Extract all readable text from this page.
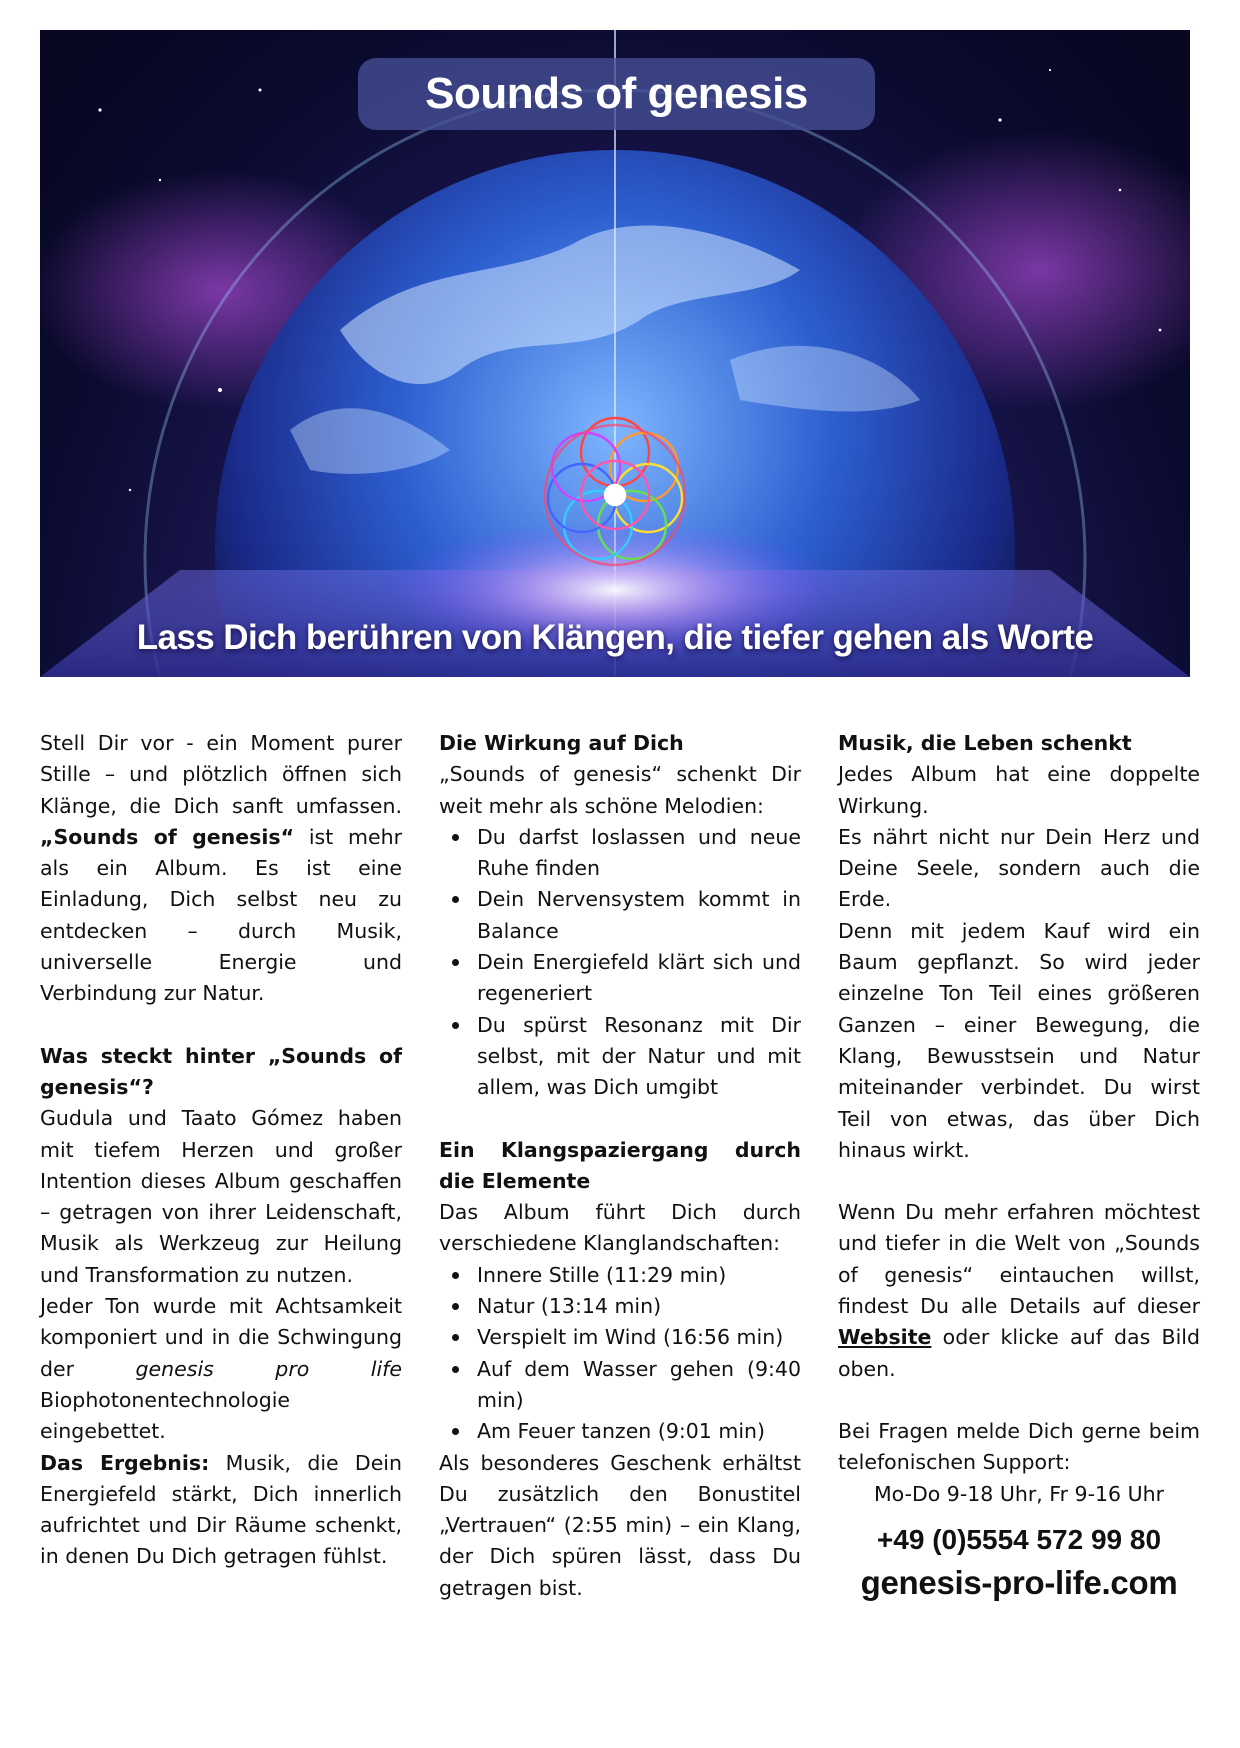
Sounds of genesis
Lass Dich berühren von Klängen, die tiefer gehen als Worte

Stell Dir vor - ein Moment purer Stille – und plötzlich öffnen sich Klänge, die Dich sanft umfassen. „Sounds of genesis“ ist mehr als ein Album. Es ist eine Einladung, Dich selbst neu zu entdecken – durch Musik, universelle Energie und Verbindung zur Natur.

Was steckt hinter „Sounds of genesis“?

Gudula und Taato Gómez haben mit tiefem Herzen und großer Intention dieses Album geschaffen – getragen von ihrer Leidenschaft, Musik als Werkzeug zur Heilung und Transformation zu nutzen.

Jeder Ton wurde mit Achtsamkeit komponiert und in die Schwingung der	genesis pro life Biophotonentechnologie eingebettet.

Das Ergebnis: Musik, die Dein Energiefeld stärkt, Dich innerlich aufrichtet und Dir Räume schenkt, in denen Du Dich getragen fühlst.

Die Wirkung auf Dich

„Sounds of genesis“ schenkt Dir weit mehr als schöne Melodien:

Du darfst loslassen und neue Ruhe finden
Dein Nervensystem kommt in Balance
Dein Energiefeld klärt sich und regeneriert
Du spürst Resonanz mit Dir selbst, mit der Natur und mit allem, was Dich umgibt
Ein Klangspaziergang durch die Elemente

Das Album führt Dich durch verschiedene Klanglandschaften:

Innere Stille (11:29 min)
Natur (13:14 min)
Verspielt im Wind (16:56 min)
Auf dem Wasser gehen (9:40 min)
Am Feuer tanzen (9:01 min)

Als besonderes Geschenk erhältst Du zusätzlich den Bonustitel „Vertrauen“ (2:55 min) – ein Klang, der Dich spüren lässt, dass Du getragen bist.

Musik, die Leben schenkt

Jedes Album hat eine doppelte Wirkung.

Es nährt nicht nur Dein Herz und Deine Seele, sondern auch die Erde.

Denn mit jedem Kauf wird ein Baum gepflanzt. So wird jeder einzelne Ton Teil eines größeren Ganzen – einer Bewegung, die Klang, Bewusstsein und Natur miteinander verbindet. Du wirst Teil von etwas, das über Dich hinaus wirkt.

Wenn Du mehr erfahren möchtest und tiefer in die Welt von „Sounds of genesis“ eintauchen willst, findest Du alle Details auf dieser Website oder klicke auf das Bild oben.

Bei Fragen melde Dich gerne beim telefonischen Support:

Mo-Do 9-18 Uhr, Fr 9-16 Uhr

+49 (0)5554 572 99 80
genesis-pro-life.com
